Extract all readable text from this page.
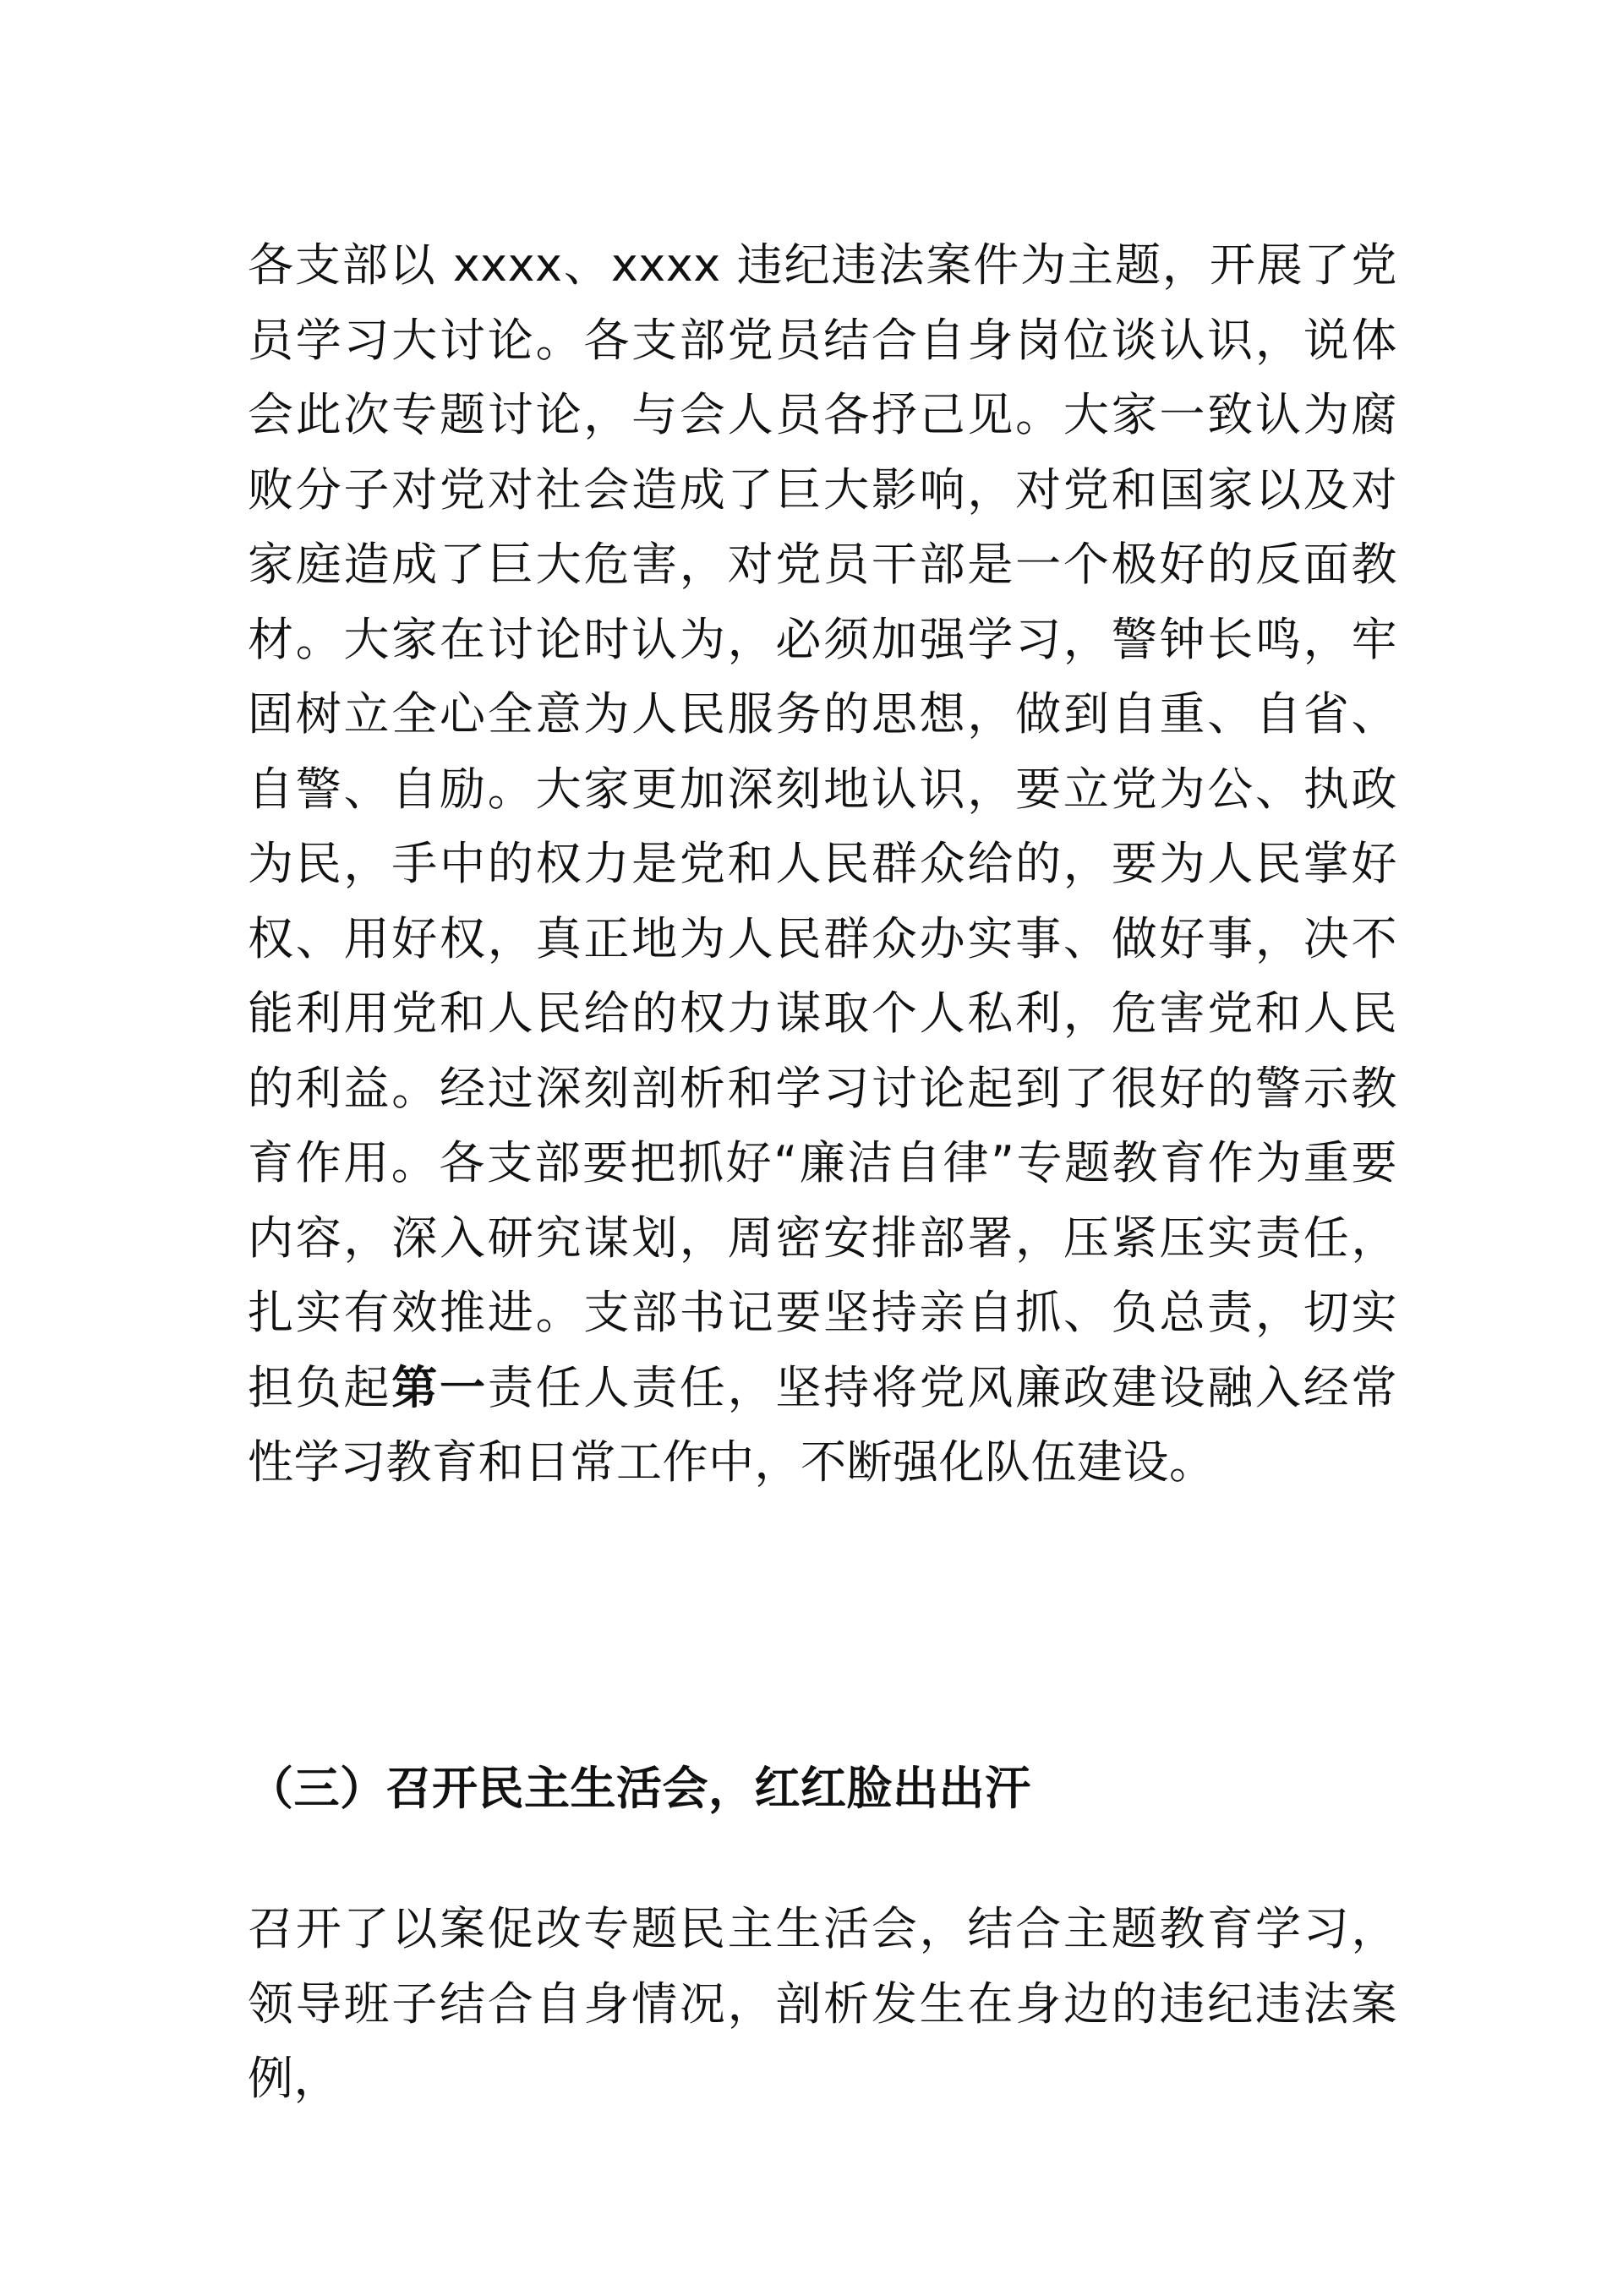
各支部以 xxxx、xxxx 违纪违法案件为主题，开展了党员学习大讨论。各支部党员结合自身岗位谈认识，说体会此次专题讨论，与会人员各抒己见。大家一致认为腐败分子对党对社会造成了巨大影响，对党和国家以及对家庭造成了巨大危害，对党员干部是一个极好的反面教材。大家在讨论时认为，必须加强学习，警钟长鸣，牢固树立全心全意为人民服务的思想，做到自重、自省、自警、自励。大家更加深刻地认识，要立党为公、执政为民，手中的权力是党和人民群众给的，要为人民掌好权、用好权，真正地为人民群众办实事、做好事，决不能利用党和人民给的权力谋取个人私利，危害党和人民的利益。经过深刻剖析和学习讨论起到了很好的警示教育作用。各支部要把抓好“廉洁自律”专题教育作为重要内容，深入研究谋划，周密安排部署，压紧压实责任，扎实有效推进。支部书记要坚持亲自抓、负总责，切实担负起第一责任人责任，坚持将党风廉政建设融入经常性学习教育和日常工作中，不断强化队伍建设。

（三）召开民主生活会，红红脸出出汗

召开了以案促改专题民主生活会，结合主题教育学习，领导班子结合自身情况，剖析发生在身边的违纪违法案例，
